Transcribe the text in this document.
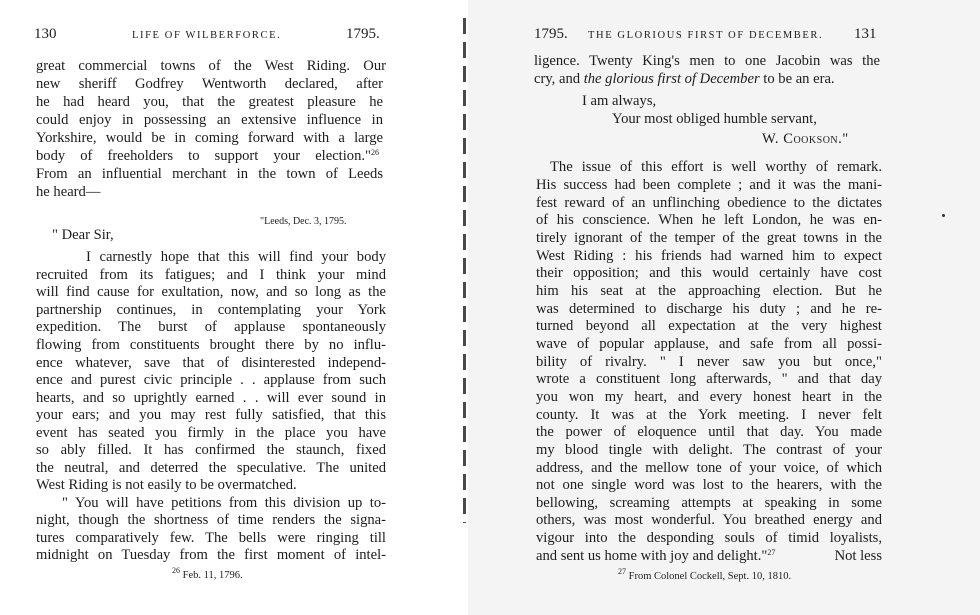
130	LIFE OF WILBERFORCE.	1795.
great commercial towns of the West Riding. Our
new sheriff Godfrey Wentworth declared, after
he had heard you, that the greatest pleasure he
could enjoy in possessing an extensive influence in
Yorkshire, would be in coming forward with a large
body of freeholders to support your election."$^{26}$
From an influential merchant in the town of Leeds
he heard—
"Leeds, Dec. 3, 1795.
" Dear Sir,
I carnestly hope that this will find your body
recruited from its fatigues; and I think your mind
will find cause for exultation, now, and so long as the
partnership continues, in contemplating your York
expedition. The burst of applause spontaneously
flowing from constituents brought there by no influ-
ence whatever, save that of disinterested independ-
ence and purest civic principle . . applause from such
hearts, and so uprightly earned . . will ever sound in
your ears; and you may rest fully satisfied, that this
event has seated you firmly in the place you have
so ably filled. It has confirmed the staunch, fixed
the neutral, and deterred the speculative. The united
West Riding is not easily to be overmatched.
" You will have petitions from this division up to-
night, though the shortness of time renders the signa-
tures comparatively few. The bells were ringing till
midnight on Tuesday from the first moment of intel-
$^{26}$ Feb. 11, 1796.
1795. THE GLORIOUS FIRST OF DECEMBER. 131
ligence. Twenty King's men to one Jacobin was the
cry, and the glorious first of December to be an era.
I am always,
Your most obliged humble servant,
W. Cookson."
The issue of this effort is well worthy of remark.
His success had been complete ; and it was the mani-
fest reward of an unflinching obedience to the dictates
of his conscience. When he left London, he was en-
tirely ignorant of the temper of the great towns in the
West Riding : his friends had warned him to expect
their opposition; and this would certainly have cost
him his seat at the approaching election. But he
was determined to discharge his duty ; and he re-
turned beyond all expectation at the very highest
wave of popular applause, and safe from all possi-
bility of rivalry. " I never saw you but once,"
wrote a constituent long afterwards, " and that day
you won my heart, and every honest heart in the
county. It was at the York meeting. I never felt
the power of eloquence until that day. You made
my blood tingle with delight. The contrast of your
address, and the mellow tone of your voice, of which
not one single word was lost to the hearers, with the
bellowing, screaming attempts at speaking in some
others, was most wonderful. You breathed energy and
vigour into the desponding souls of timid loyalists,
and sent us home with joy and delight."$^{27}$	Not less
$^{27}$ From Colonel Cockell, Sept. 10, 1810.
